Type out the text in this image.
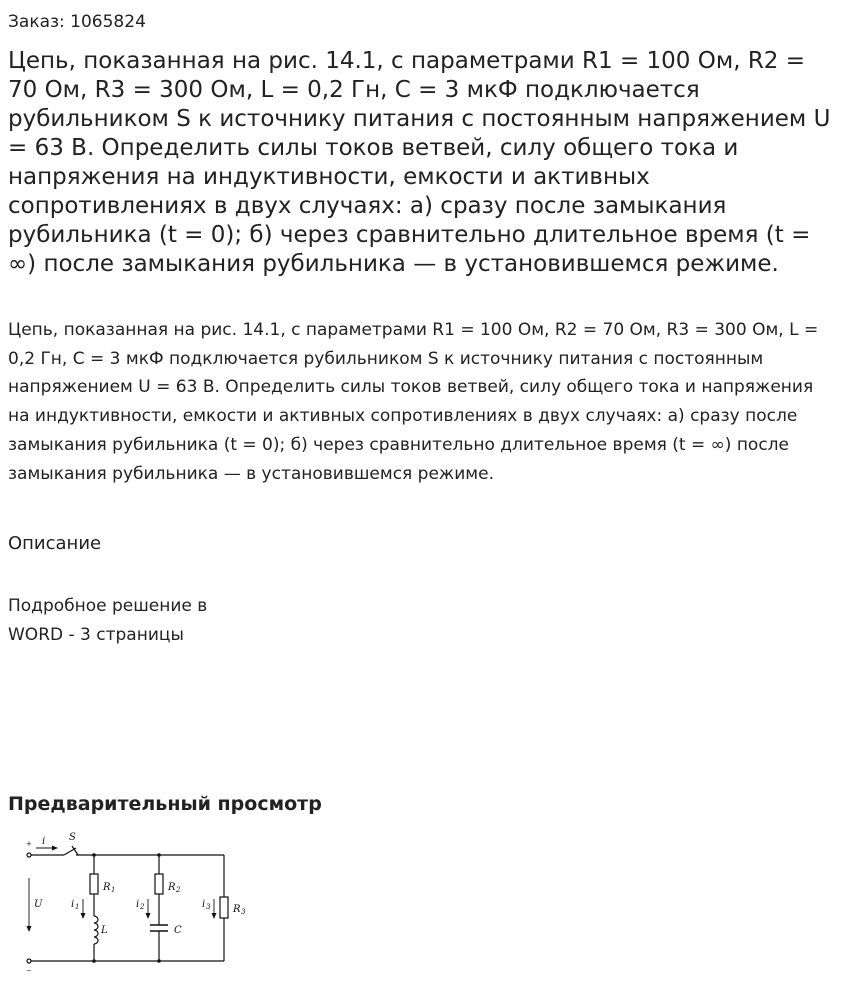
Заказ: 1065824
Цепь, показанная на рис. 14.1, с параметрами R1 = 100 Ом, R2 = 70 Ом, R3 = 300 Ом, L = 0,2 Гн, С = 3 мкФ подключается рубильником S к источнику питания с постоянным напряжением U = 63 В. Определить силы токов ветвей, силу общего тока и напряжения на индуктивности, емкости и активных сопротивлениях в двух случаях: а) сразу после замыкания рубильника (t = 0); б) через сравнительно длительное время (t = ∞) после замыкания рубильника — в установившемся режиме.

Цепь, показанная на рис. 14.1, с параметрами R1 = 100 Ом, R2 = 70 Ом, R3 = 300 Ом, L = 0,2 Гн, С = 3 мкФ подключается рубильником S к источнику питания с постоянным напряжением U = 63 В. Определить силы токов ветвей, силу общего тока и напряжения на индуктивности, емкости и активных сопротивлениях в двух случаях: а) сразу после замыкания рубильника (t = 0); б) через сравнительно длительное время (t = ∞) после замыкания рубильника — в установившемся режиме.

Описание
Подробное решение в
WORD - 3 страницы
Предварительный просмотр
S
i
+
−
U
R 1	R 2
R 3
i 1	i 2	i 3
L	C
